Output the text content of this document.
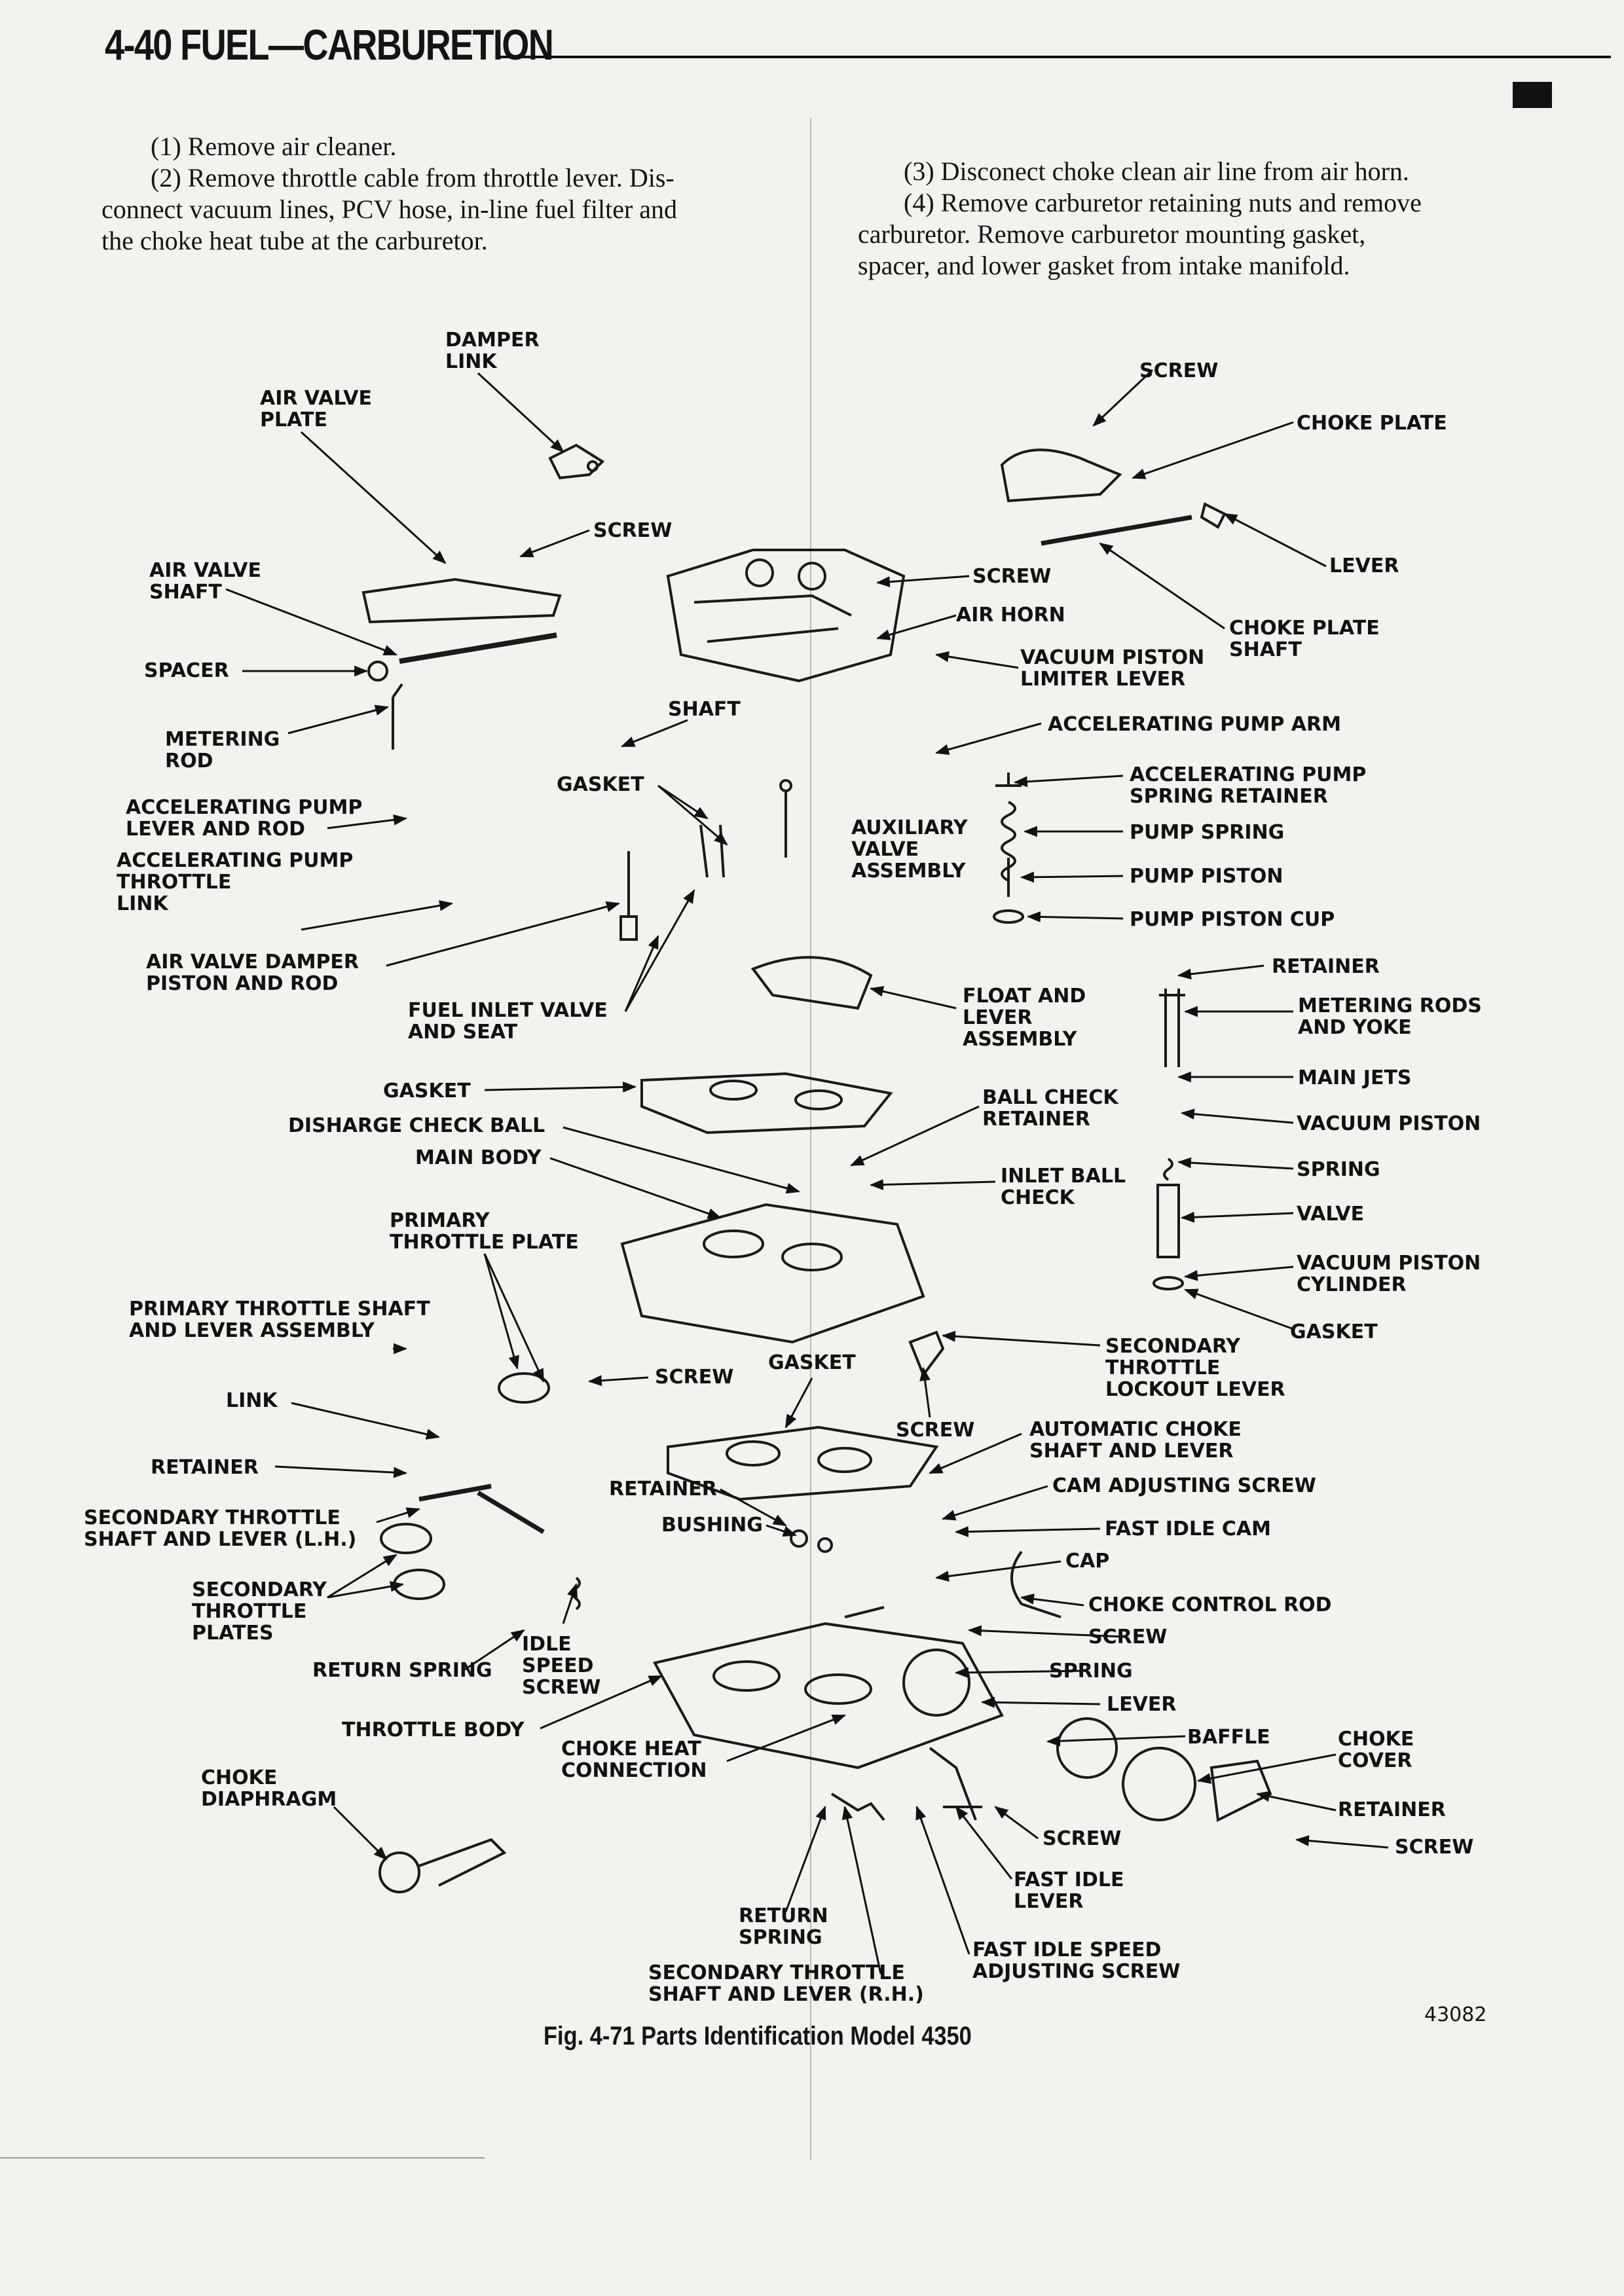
4-40 FUEL—CARBURETION

(1) Remove air cleaner.

(2) Remove throttle cable from throttle lever. Dis-

connect vacuum lines, PCV hose, in-line fuel filter and

the choke heat tube at the carburetor.

(3) Disconect choke clean air line from air horn.

(4) Remove carburetor retaining nuts and remove

carburetor. Remove carburetor mounting gasket,

spacer, and lower gasket from intake manifold.

DAMPER
LINK
AIR VALVE
PLATE
SCREW
AIR VALVE
SHAFT
SPACER
METERING
ROD
SHAFT
GASKET
ACCELERATING PUMP
LEVER AND ROD
ACCELERATING PUMP
THROTTLE
LINK
AIR VALVE DAMPER
PISTON AND ROD
FUEL INLET VALVE
AND SEAT
GASKET
DISHARGE CHECK BALL
MAIN BODY
PRIMARY
THROTTLE PLATE
PRIMARY THROTTLE SHAFT
AND LEVER ASSEMBLY
SCREW
GASKET
LINK
RETAINER
RETAINER
SECONDARY THROTTLE
SHAFT AND LEVER (L.H.)
BUSHING
SECONDARY
THROTTLE
PLATES	IDLE
SPEED
SCREW
RETURN SPRING
THROTTLE BODY
CHOKE HEAT
CONNECTION
CHOKE
DIAPHRAGM
RETURN
SPRING
SECONDARY THROTTLE
SHAFT AND LEVER (R.H.)
SCREW
CHOKE PLATE
LEVER
SCREW
AIR HORN
CHOKE PLATE
SHAFT
VACUUM PISTON
LIMITER LEVER
ACCELERATING PUMP ARM
ACCELERATING PUMP
SPRING RETAINER
AUXILIARY
VALVE
ASSEMBLY
PUMP SPRING
PUMP PISTON
PUMP PISTON CUP
RETAINER
FLOAT AND
LEVER
ASSEMBLY
METERING RODS
AND YOKE
MAIN JETS
BALL CHECK
RETAINER	VACUUM PISTON
SPRING
INLET BALL
CHECK
VALVE
VACUUM PISTON
CYLINDER
GASKET
SECONDARY
THROTTLE
LOCKOUT LEVER
SCREW	AUTOMATIC CHOKE
SHAFT AND LEVER
CAM ADJUSTING SCREW
FAST IDLE CAM
CAP
CHOKE CONTROL ROD
SCREW
SPRING
LEVER
BAFFLE	CHOKE
COVER
RETAINER
SCREW
SCREW
FAST IDLE
LEVER
FAST IDLE SPEED
ADJUSTING SCREW
Fig. 4-71 Parts Identification Model 4350
43082
